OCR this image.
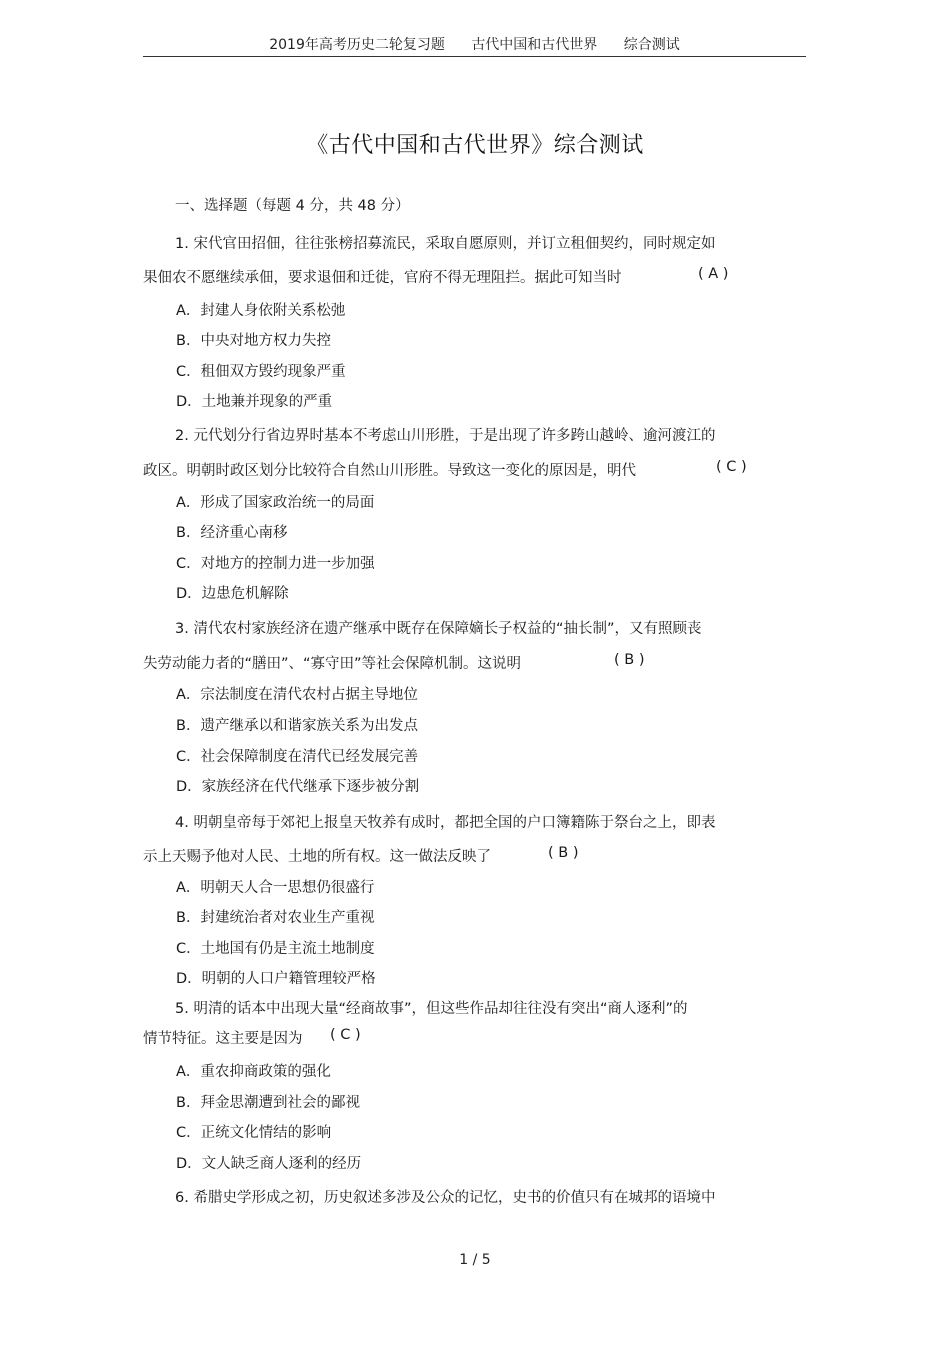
2019年高考历史二轮复习题 古代中国和古代世界 综合测试
《古代中国和古代世界》综合测试
一、选择题（每题 4 分，共 48 分）
1. 宋代官田招佃，往往张榜招募流民，采取自愿原则，并订立租佃契约，同时规定如
果佃农不愿继续承佃，要求退佃和迁徙，官府不得无理阻拦。据此可知当时	( A )
A．封建人身依附关系松弛
B．中央对地方权力失控
C．租佃双方毁约现象严重
D．土地兼并现象的严重
2. 元代划分行省边界时基本不考虑山川形胜，于是出现了许多跨山越岭、逾河渡江的
政区。明朝时政区划分比较符合自然山川形胜。导致这一变化的原因是，明代	( C )
A．形成了国家政治统一的局面
B．经济重心南移
C．对地方的控制力进一步加强
D．边患危机解除
3. 清代农村家族经济在遗产继承中既存在保障嫡长子权益的“抽长制”，又有照顾丧
失劳动能力者的“膳田”、“寡守田”等社会保障机制。这说明	( B )
A．宗法制度在清代农村占据主导地位
B．遗产继承以和谐家族关系为出发点
C．社会保障制度在清代已经发展完善
D．家族经济在代代继承下逐步被分割
4. 明朝皇帝每于郊祀上报皇天牧养有成时，都把全国的户口簿籍陈于祭台之上，即表
示上天赐予他对人民、土地的所有权。这一做法反映了	( B )
A．明朝天人合一思想仍很盛行
B．封建统治者对农业生产重视
C．土地国有仍是主流土地制度
D．明朝的人口户籍管理较严格
5. 明清的话本中出现大量“经商故事”，但这些作品却往往没有突出“商人逐利”的
情节特征。这主要是因为 ( C )
A．重农抑商政策的强化
B．拜金思潮遭到社会的鄙视
C．正统文化情结的影响
D．文人缺乏商人逐利的经历
6. 希腊史学形成之初，历史叙述多涉及公众的记忆，史书的价值只有在城邦的语境中
1 / 5
